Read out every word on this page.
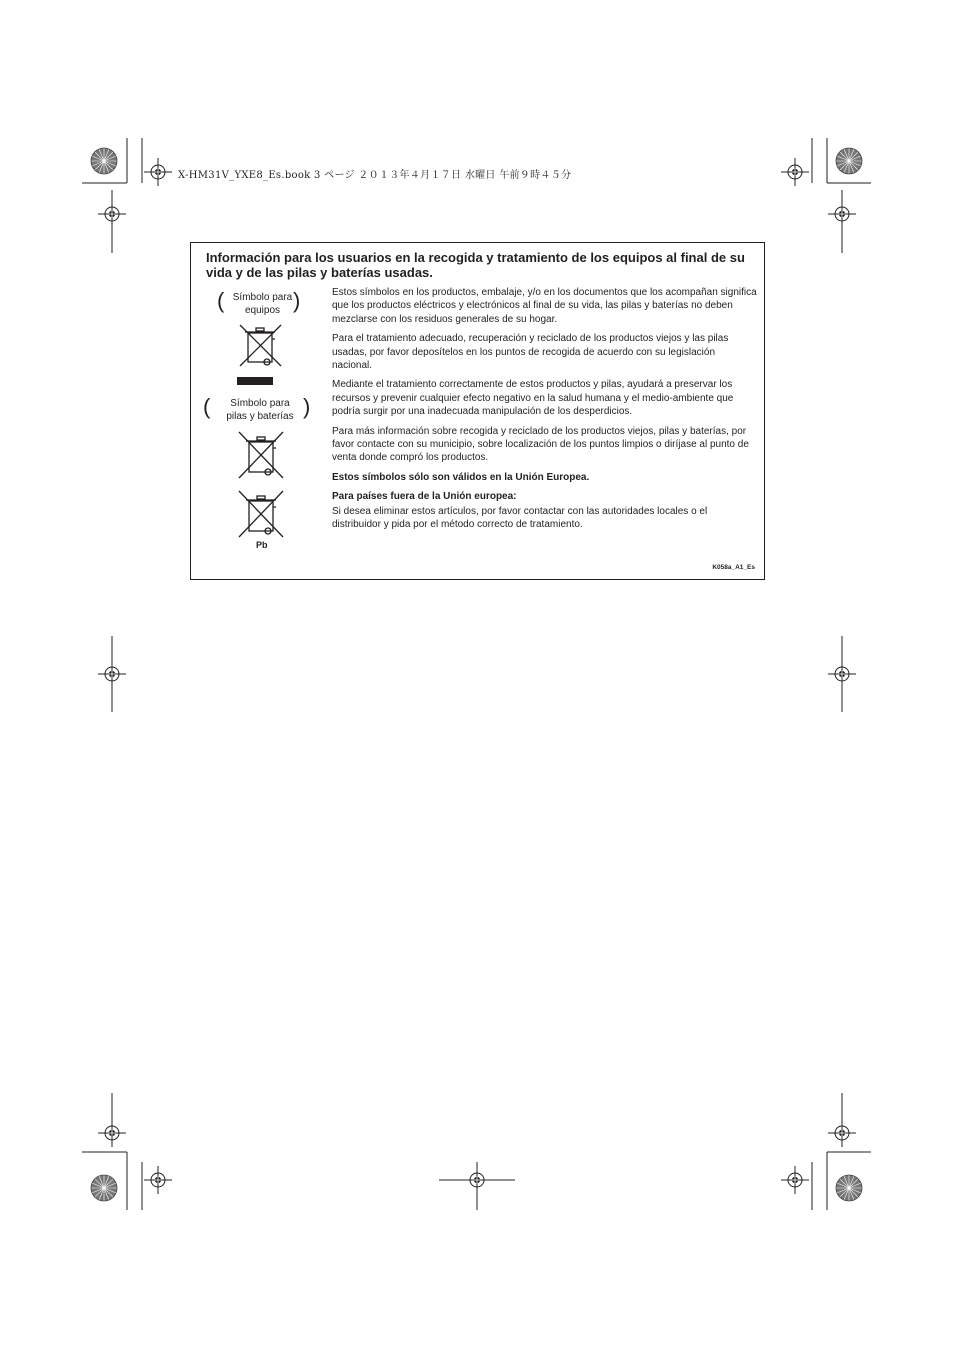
X-HM31V_YXE8_Es.book 3 ページ ２０１３年４月１７日 水曜日 午前９時４５分
Información para los usuarios en la recogida y tratamiento de los equipos al final de su vida y de las pilas y baterías usadas.
( Símbolo para
equipos )
(	Símbolo para
pilas y baterías )
Pb

Estos símbolos en los productos, embalaje, y/o en los documentos que los acompañan significa que los productos eléctricos y electrónicos al final de su vida, las pilas y baterías no deben mezclarse con los residuos generales de su hogar.

Para el tratamiento adecuado, recuperación y reciclado de los productos viejos y las pilas usadas, por favor deposítelos en los puntos de recogida de acuerdo con su legislación nacional.

Mediante el tratamiento correctamente de estos productos y pilas, ayudará a preservar los recursos y prevenir cualquier efecto negativo en la salud humana y el medio-ambiente que podría surgir por una inadecuada manipulación de los desperdicios.

Para más información sobre recogida y reciclado de los productos viejos, pilas y baterías, por favor contacte con su municipio, sobre localización de los puntos limpios o diríjase al punto de venta donde compró los productos.

Estos símbolos sólo son válidos en la Unión Europea.

Para países fuera de la Unión europea:

Si desea eliminar estos artículos, por favor contactar con las autoridades locales o el distribuidor y pida por el método correcto de tratamiento.

K058a_A1_Es
